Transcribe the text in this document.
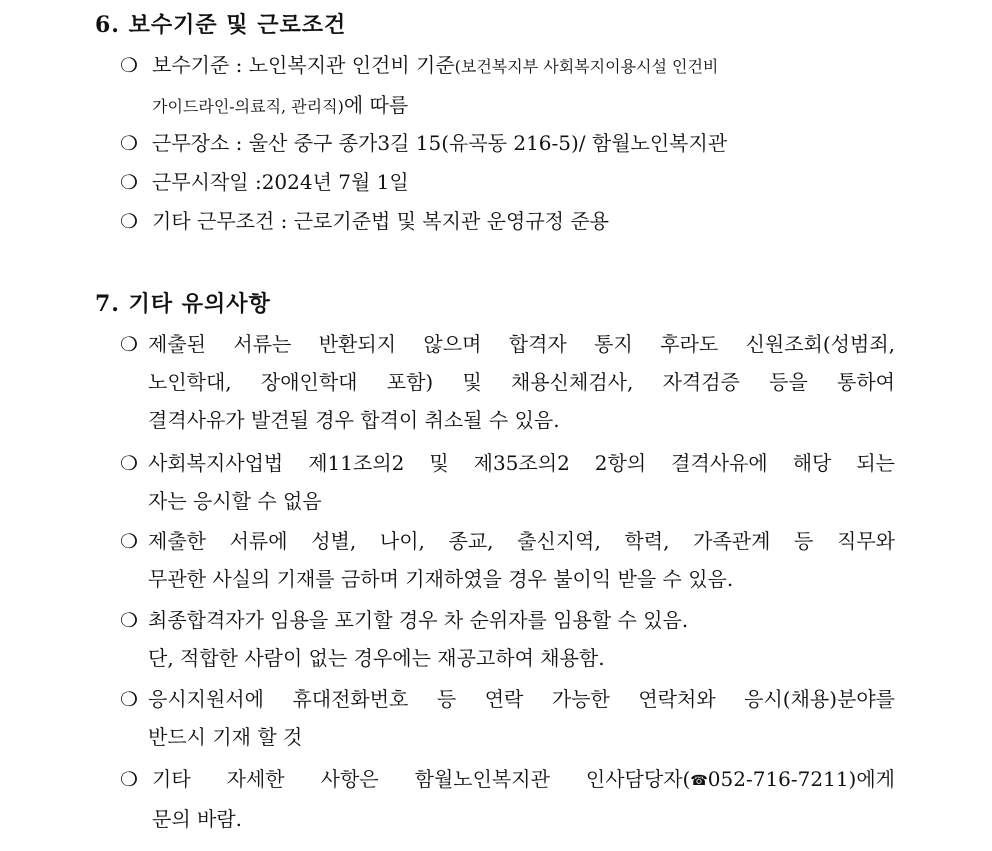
6. 보수기준 및 근로조건
❍ 보수기준 : 노인복지관 인건비 기준(보건복지부 사회복지이용시설 인건비
가이드라인-의료직, 관리직)에 따름
❍ 근무장소 : 울산 중구 종가3길 15(유곡동 216-5)/ 함월노인복지관
❍ 근무시작일 :2024년 7월 1일
❍ 기타 근무조건 : 근로기준법 및 복지관 운영규정 준용
7. 기타 유의사항
❍ 제출된 서류는 반환되지 않으며 합격자 통지 후라도 신원조회(성범죄,
노인학대, 장애인학대 포함) 및 채용신체검사, 자격검증 등을 통하여
결격사유가 발견될 경우 합격이 취소될 수 있음.
❍ 사회복지사업법 제11조의2 및 제35조의2 2항의 결격사유에 해당 되는
자는 응시할 수 없음
❍ 제출한 서류에 성별, 나이, 종교, 출신지역, 학력, 가족관계 등 직무와
무관한 사실의 기재를 금하며 기재하였을 경우 불이익 받을 수 있음.
❍ 최종합격자가 임용을 포기할 경우 차 순위자를 임용할 수 있음.
단, 적합한 사람이 없는 경우에는 재공고하여 채용함.
❍ 응시지원서에 휴대전화번호 등 연락 가능한 연락처와 응시(채용)분야를
반드시 기재 할 것
❍ 기타 자세한 사항은 함월노인복지관 인사담당자(☎052-716-7211)에게
문의 바람.
